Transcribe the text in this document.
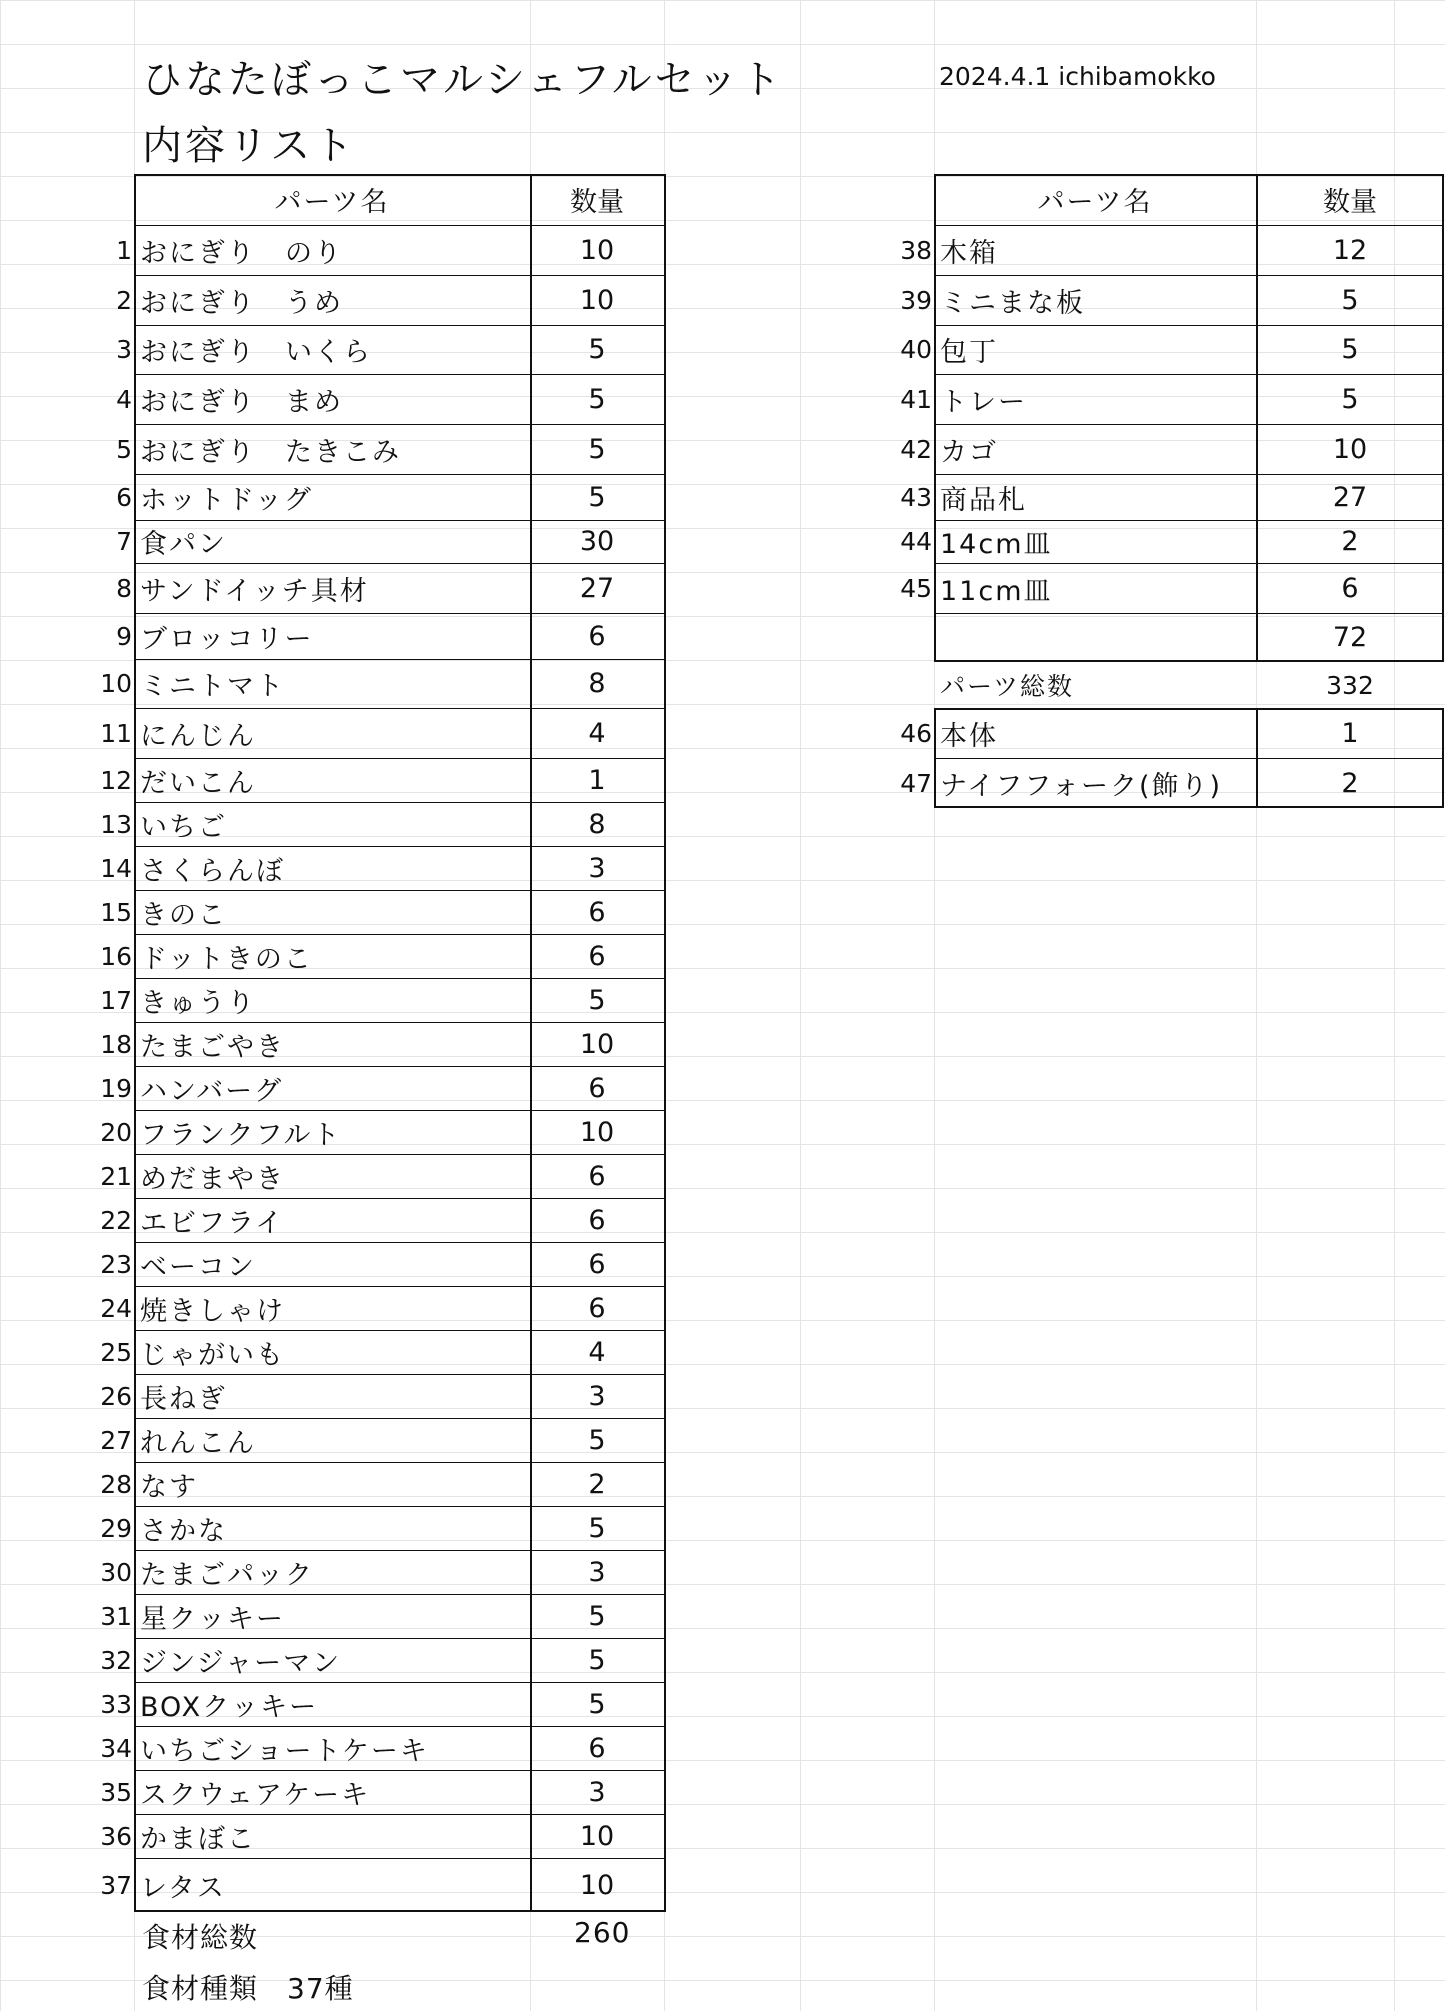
ひなたぼっこマルシェフルセット
内容リスト
2024.4.1 ichibamokko
パーツ名	数量
1 おにぎり　のり	10
2 おにぎり　うめ	10
3 おにぎり　いくら	5
4 おにぎり　まめ	5
5 おにぎり　たきこみ	5
6 ホットドッグ	5
7 食パン	30
8 サンドイッチ具材	27
9 ブロッコリー	6
10 ミニトマト	8
11 にんじん	4
12 だいこん	1
13 いちご	8
14 さくらんぼ	3
15 きのこ	6
16 ドットきのこ	6
17 きゅうり	5
18 たまごやき	10
19 ハンバーグ	6
20 フランクフルト	10
21 めだまやき	6
22 エビフライ	6
23 ベーコン	6
24 焼きしゃけ	6
25 じゃがいも	4
26 長ねぎ	3
27 れんこん	5
28 なす	2
29 さかな	5
30 たまごパック	3
31 星クッキー	5
32 ジンジャーマン	5
33 BOXクッキー	5
34 いちごショートケーキ	6
35 スクウェアケーキ	3
36 かまぼこ	10
37 レタス	10
食材総数	260
食材種類　37種
パーツ名	数量
38 木箱	12
39 ミニまな板	5
40 包丁	5
41 トレー	5
42 カゴ	10
43 商品札	27
44 14cm皿	2
45 11cm皿	6
72
パーツ総数	332
46 本体	1
47 ナイフフォーク(飾り)	2
